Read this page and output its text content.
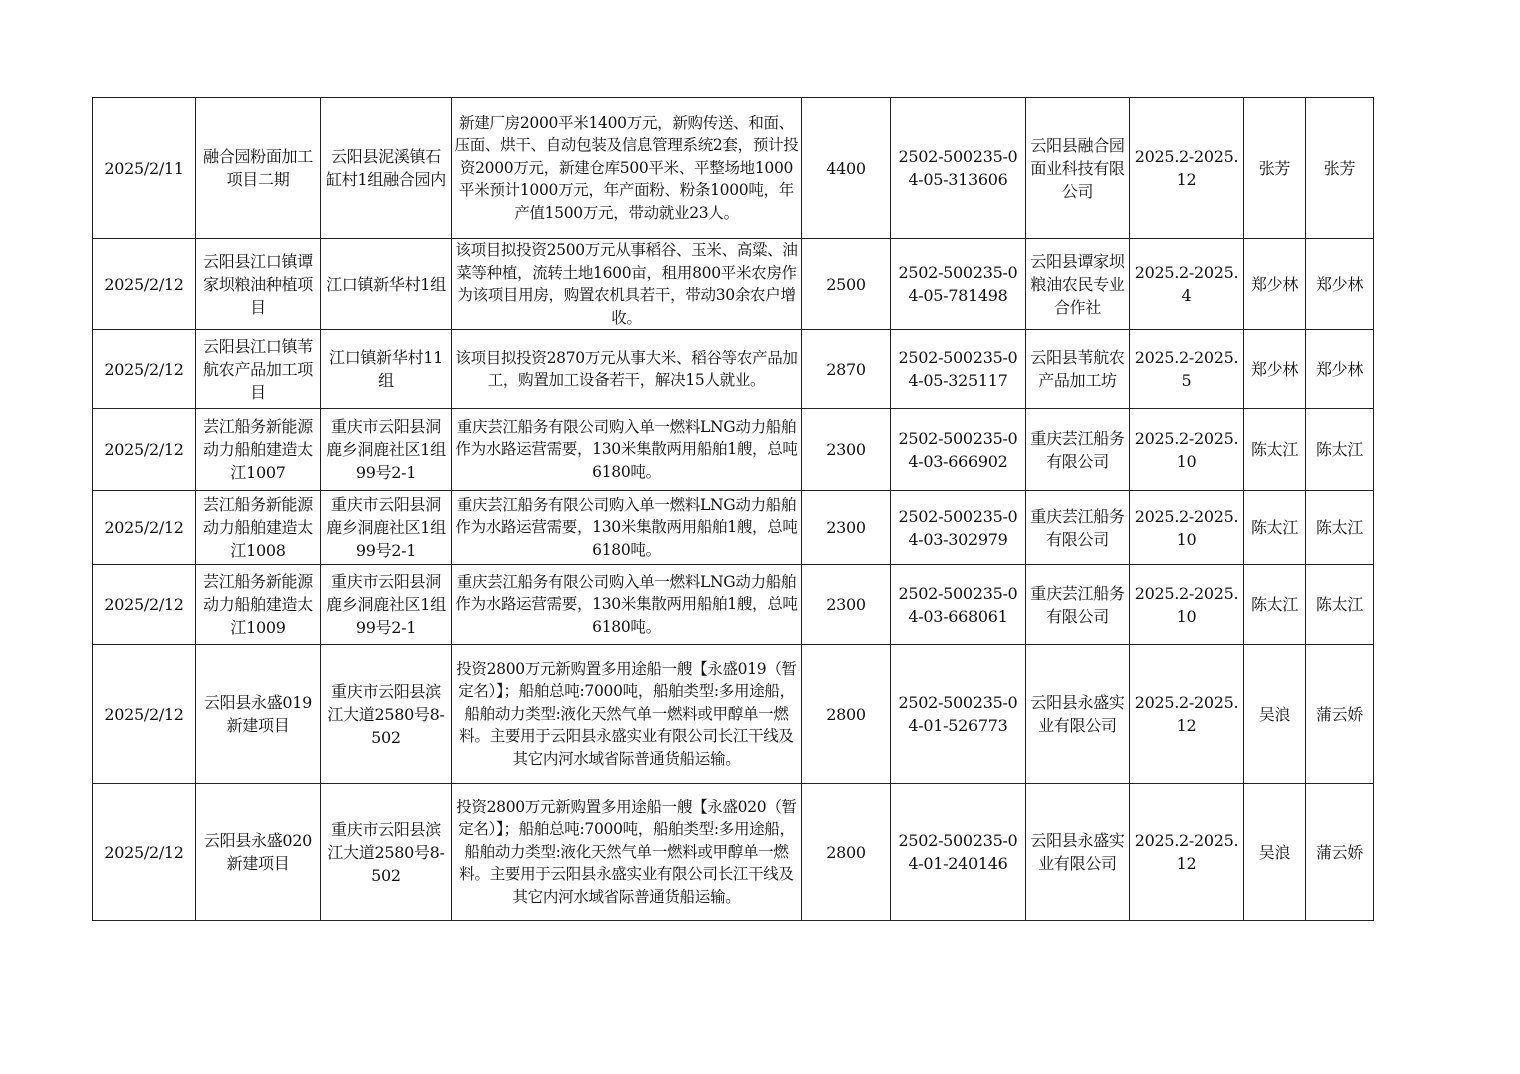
2025/2/11	融合园粉面加工项目二期	云阳县泥溪镇石缸村1组融合园内	新建厂房2000平米1400万元，新购传送、和面、压面、烘干、自动包装及信息管理系统2套，预计投资2000万元，新建仓库500平米、平整场地1000平米预计1000万元，年产面粉、粉条1000吨，年产值1500万元，带动就业23人。	4400	2502-500235-04-05-313606	云阳县融合园面业科技有限公司	2025.2-2025.12	张芳	张芳
2025/2/12	云阳县江口镇谭家坝粮油种植项目	江口镇新华村1组	该项目拟投资2500万元从事稻谷、玉米、高粱、油菜等种植，流转土地1600亩，租用800平米农房作为该项目用房，购置农机具若干，带动30余农户增收。	2500	2502-500235-04-05-781498	云阳县谭家坝粮油农民专业合作社	2025.2-2025.4	郑少林	郑少林
2025/2/12	云阳县江口镇苇航农产品加工项目	江口镇新华村11组	该项目拟投资2870万元从事大米、稻谷等农产品加工，购置加工设备若干，解决15人就业。	2870	2502-500235-04-05-325117	云阳县苇航农产品加工坊	2025.2-2025.5	郑少林	郑少林
2025/2/12	芸江船务新能源动力船舶建造太江1007	重庆市云阳县洞鹿乡洞鹿社区1组99号2-1	重庆芸江船务有限公司购入单一燃料LNG动力船舶作为水路运营需要，130米集散两用船舶1艘，总吨6180吨。	2300	2502-500235-04-03-666902	重庆芸江船务有限公司	2025.2-2025.10	陈太江	陈太江
2025/2/12	芸江船务新能源动力船舶建造太江1008	重庆市云阳县洞鹿乡洞鹿社区1组99号2-1	重庆芸江船务有限公司购入单一燃料LNG动力船舶作为水路运营需要，130米集散两用船舶1艘，总吨6180吨。	2300	2502-500235-04-03-302979	重庆芸江船务有限公司	2025.2-2025.10	陈太江	陈太江
2025/2/12	芸江船务新能源动力船舶建造太江1009	重庆市云阳县洞鹿乡洞鹿社区1组99号2-1	重庆芸江船务有限公司购入单一燃料LNG动力船舶作为水路运营需要，130米集散两用船舶1艘，总吨6180吨。	2300	2502-500235-04-03-668061	重庆芸江船务有限公司	2025.2-2025.10	陈太江	陈太江
2025/2/12	云阳县永盛019新建项目	重庆市云阳县滨江大道2580号8-502	投资2800万元新购置多用途船一艘【永盛019（暂定名）】；船舶总吨:7000吨，船舶类型:多用途船，船舶动力类型:液化天然气单一燃料或甲醇单一燃料。主要用于云阳县永盛实业有限公司长江干线及其它内河水域省际普通货船运输。	2800	2502-500235-04-01-526773	云阳县永盛实业有限公司	2025.2-2025.12	吴浪	蒲云娇
2025/2/12	云阳县永盛020新建项目	重庆市云阳县滨江大道2580号8-502	投资2800万元新购置多用途船一艘【永盛020（暂定名）】；船舶总吨:7000吨，船舶类型:多用途船，船舶动力类型:液化天然气单一燃料或甲醇单一燃料。主要用于云阳县永盛实业有限公司长江干线及其它内河水域省际普通货船运输。	2800	2502-500235-04-01-240146	云阳县永盛实业有限公司	2025.2-2025.12	吴浪	蒲云娇
